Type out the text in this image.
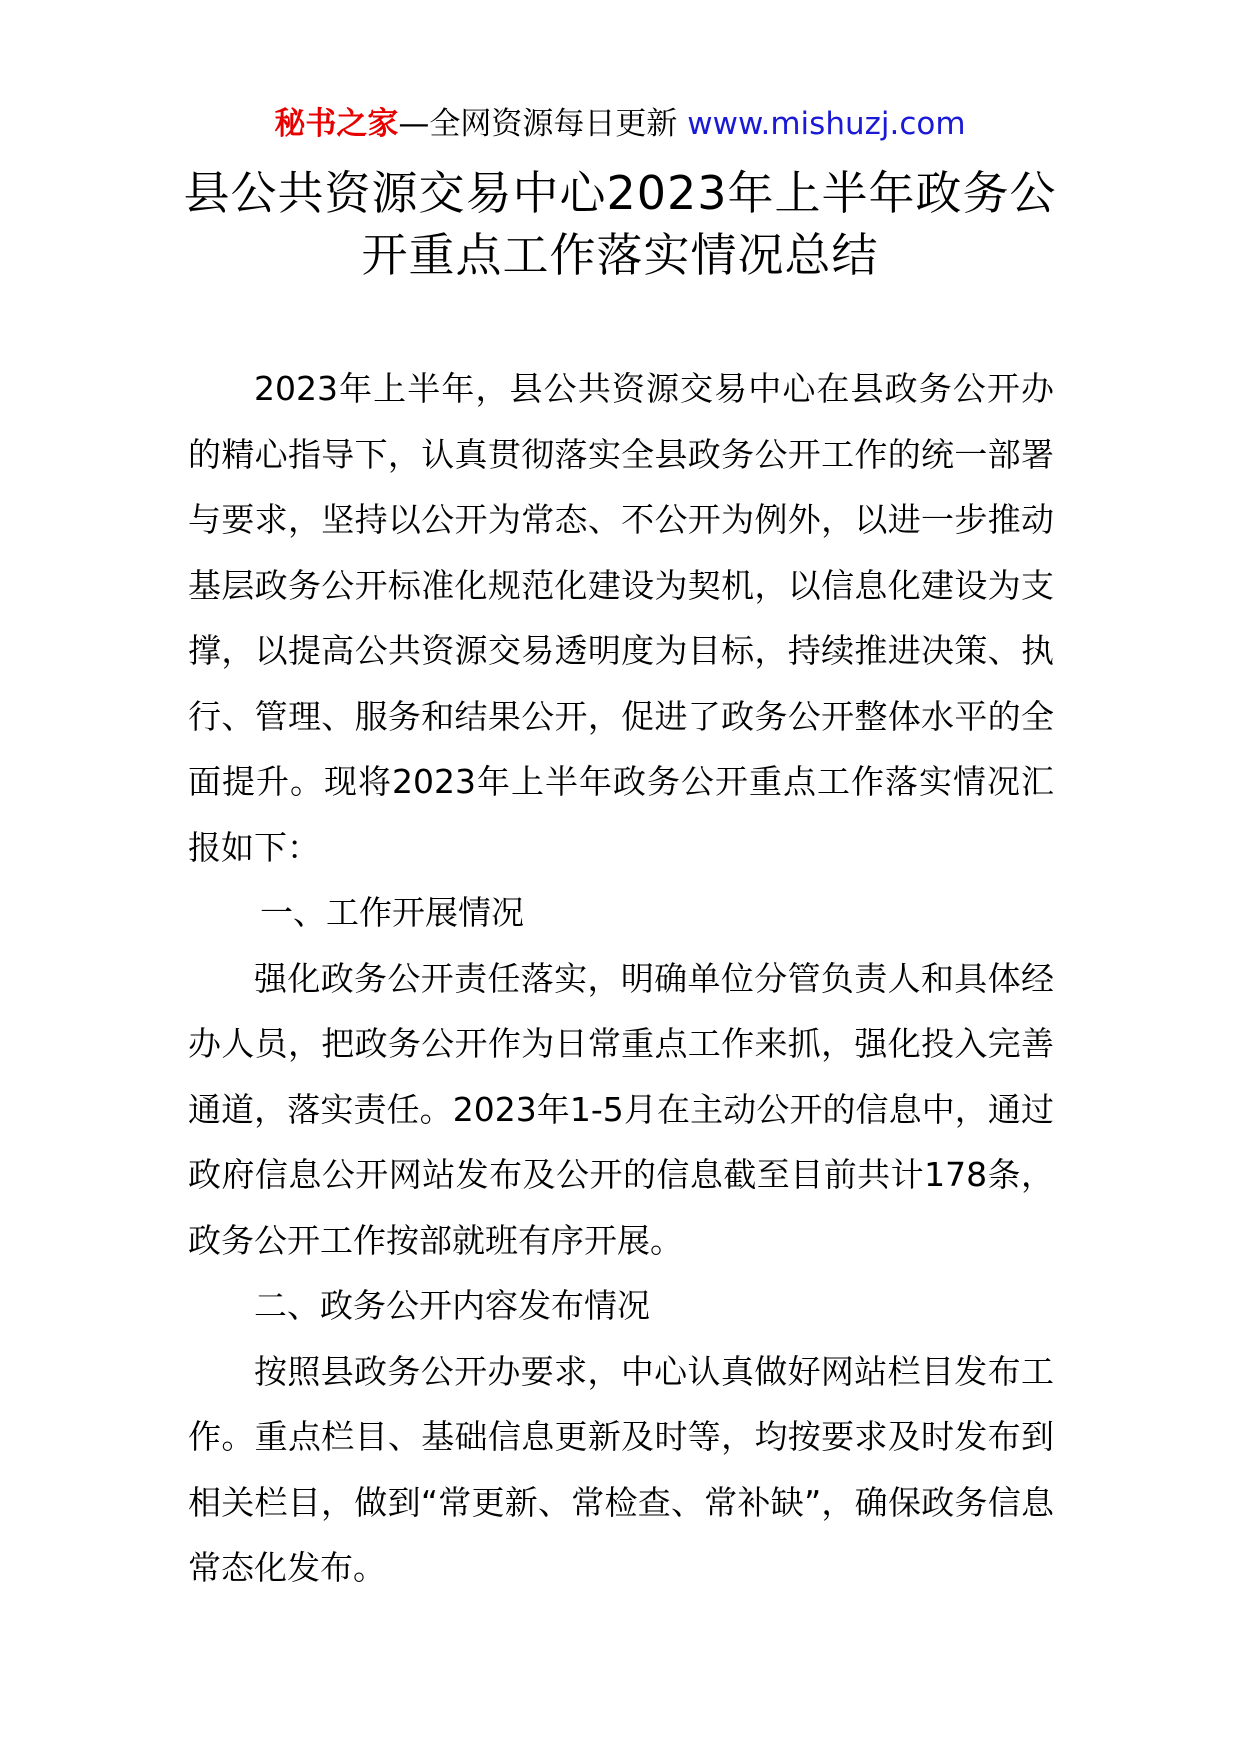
秘书之家—全网资源每日更新 www.mishuzj.com
县公共资源交易中心2023年上半年政务公
开重点工作落实情况总结

2023年上半年，县公共资源交易中心在县政务公开办的精心指导下，认真贯彻落实全县政务公开工作的统一部署与要求，坚持以公开为常态、不公开为例外，以进一步推动基层政务公开标准化规范化建设为契机，以信息化建设为支撑，以提高公共资源交易透明度为目标，持续推进决策、执行、管理、服务和结果公开，促进了政务公开整体水平的全面提升。现将2023年上半年政务公开重点工作落实情况汇报如下：

一、工作开展情况

强化政务公开责任落实，明确单位分管负责人和具体经办人员，把政务公开作为日常重点工作来抓，强化投入完善通道，落实责任。2023年1-5月在主动公开的信息中，通过政府信息公开网站发布及公开的信息截至目前共计178条，政务公开工作按部就班有序开展。

二、政务公开内容发布情况

按照县政务公开办要求，中心认真做好网站栏目发布工作。重点栏目、基础信息更新及时等，均按要求及时发布到相关栏目，做到“常更新、常检查、常补缺”，确保政务信息常态化发布。
